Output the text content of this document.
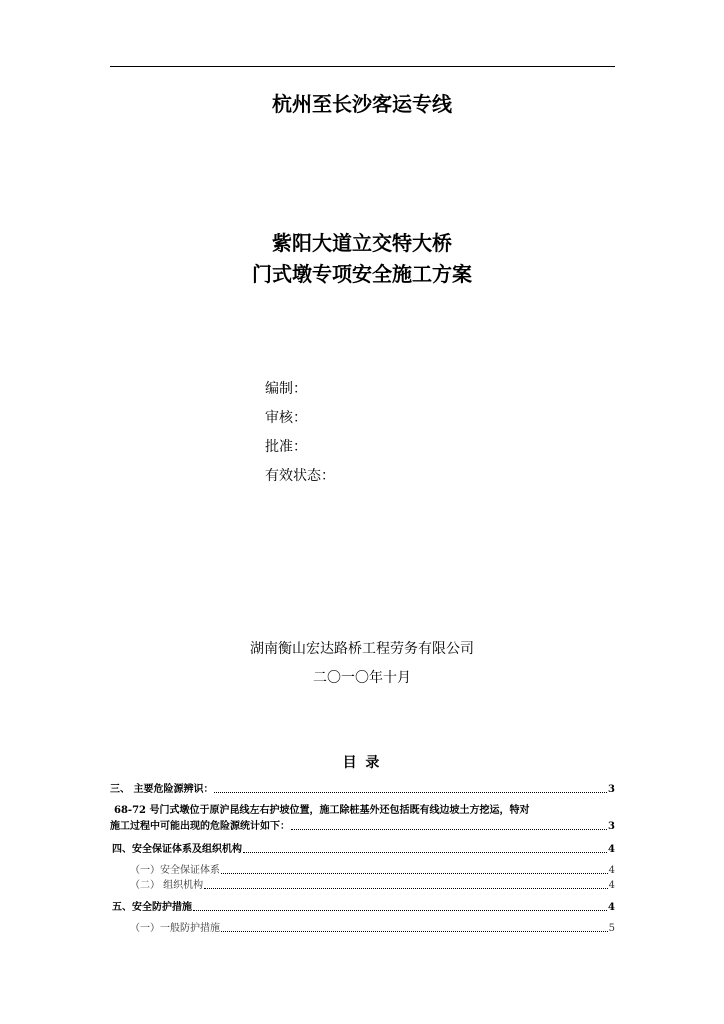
杭州至长沙客运专线
紫阳大道立交特大桥
门式墩专项安全施工方案
编制：
审核：
批准：
有效状态：
湖南衡山宏达路桥工程劳务有限公司
二〇一〇年十月
目 录
三、 主要危险源辨识：	3
68-72 号门式墩位于原沪昆线左右护坡位置，施工除桩基外还包括既有线边坡土方挖运，特对
施工过程中可能出现的危险源统计如下：	3
四、安全保证体系及组织机构	4
（一）安全保证体系	4
（二） 组织机构	4
五、安全防护措施	4
（一）一般防护措施	5
